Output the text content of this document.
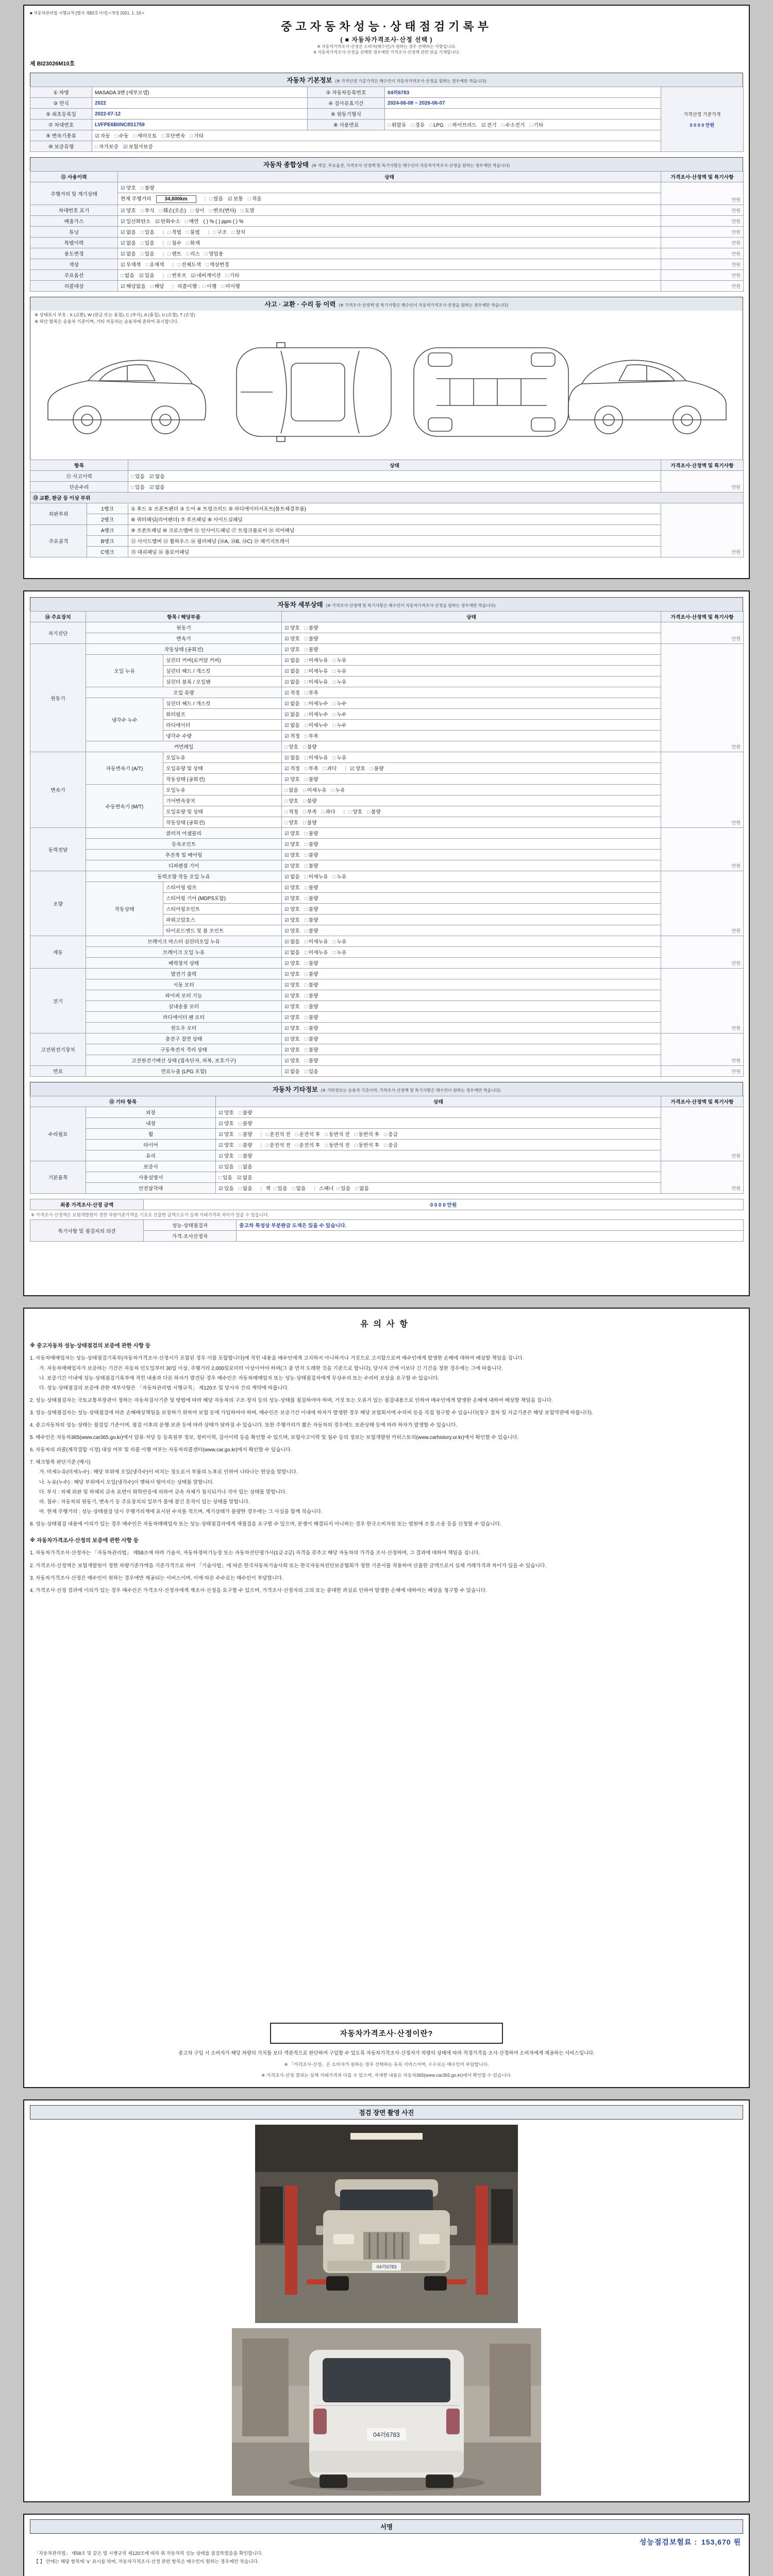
■ 자동차관리법 시행규칙 [별지 제82호서식] <개정 2021. 1. 19.>
중고자동차성능·상태점검기록부
( ■ 자동차가격조사·산정 선택 )
※ 자동차가격조사·산정은 소비자(매수인)가 원하는 경우 선택하는 사항입니다.
※ 자동차가격조사·산정을 선택한 경우에만 가격조사·산정액 관련 란을 기재합니다.
제 BI23026M10호
자동차 기본정보 (※ 가격산정 기준가격은 매수인이 자동차가격조사·산정을 원하는 경우에만 적습니다)
① 차명	MASADA 3밴 (세부모델)	② 자동차등록번호	04러6783	가격산정 기준가격
0 0 0 0 만원

③ 연식	2022	④ 검사유효기간	2024-06-08 ~ 2026-06-07	
⑤ 최초등록일	2022-07-12	⑥ 원동기형식		
⑦ 차대번호	LVFPE6B0NC8S1759	⑧ 사용연료	□ 휘발유 □ 경유 □ LPG □ 하이브리드 ☑ 전기 □ 수소전기 □ 기타	
⑨ 변속기종류	☑ 자동 □ 수동 □ 세미오토 □ 무단변속 □ 기타			
⑩ 보증유형	□ 자가보증 ☑ 보험사보증			
자동차 종합상태 (※ 색상, 주요옵션, 가격조사·산정액 및 특기사항은 매수인이 자동차가격조사·산정을 원하는 경우에만 적습니다)
⑪ 사용이력	상태	가격조사·산정액 및 특기사항
주행거리 및 계기상태	☑ 양호 □ 불량	만원
	현재 주행거리 34,600km | □ 많음 ☑ 보통 □ 적음	
차대번호 표기	☑ 양호 □ 부식 □ 훼손(오손) □ 상이 □ 변조(변타) □ 도말	만원
배출가스	☑ 일산화탄소 ☑ 탄화수소 □ 매연 ( ) % ( ) ppm ( ) %	만원
튜닝	☑ 없음 □ 있음 | □ 적법 □ 불법 | □ 구조 □ 장치	만원
특별이력	☑ 없음 □ 있음 | □ 침수 □ 화재	만원
용도변경	☑ 없음 □ 있음 | □ 렌트 □ 리스 □ 영업용	만원
색상	☑ 무채색 □ 유채색 | □ 전체도색 □ 색상변경	만원
주요옵션	□ 없음 ☑ 있음 | □ 썬루프 ☑ 네비게이션 □ 기타	만원
리콜대상	☑ 해당없음 □ 해당 | 리콜이행 : □ 이행 □ 미이행	만원
사고 · 교환 · 수리 등 이력 (※ 가격조사·산정액 및 특기사항은 매수인이 자동차가격조사·산정을 원하는 경우에만 적습니다)
※ 상태표시 부호 : X (교환), W (판금 또는 용접), C (부식), A (흠집), U (요철), T (손상)
※ 하단 항목은 승용차 기준이며, 기타 자동차는 승용차에 준하여 표시합니다.
항목		상태	가격조사·산정액 및 특기사항
⑫ 사고이력		□ 있음 ☑ 없음	만원
단순수리		□ 있음 ☑ 없음	
⑬ 교환, 판금 등 이상 부위			
외판부위	1랭크	① 후드 ② 프론트펜더 ③ 도어 ④ 트렁크리드 ⑤ 라디에이터서포트(볼트체결부품)	만원
	2랭크	⑥ 쿼터패널(리어펜더) ⑦ 루프패널 ⑧ 사이드실패널	
주요골격	A랭크	⑨ 프론트패널 ⑩ 크로스멤버 ⑪ 인사이드패널 ⑰ 트렁크플로어 ⑱ 리어패널	
	B랭크	⑫ 사이드멤버 ⑬ 휠하우스 ⑭ 필러패널 (⑭A, ⑭B, ⑭C) ⑲ 패키지트레이	
	C랭크	⑮ 대쉬패널 ⑯ 플로어패널	
자동차 세부상태 (※ 가격조사·산정액 및 특기사항은 매수인이 자동차가격조사·산정을 원하는 경우에만 적습니다)
⑭ 주요장치	항목 / 해당부품		상태	가격조사·산정액 및 특기사항
자기진단	원동기		☑ 양호 □ 불량	만원
	변속기		☑ 양호 □ 불량	
원동기	작동상태 (공회전)		☑ 양호 □ 불량	만원
	오일 누유	실린더 커버(로커암 커버)	☑ 없음 □ 미세누유 □ 누유	
		실린더 헤드 / 개스킷	☑ 없음 □ 미세누유 □ 누유	
		실린더 블록 / 오일팬	☑ 없음 □ 미세누유 □ 누유	
	오일 유량		☑ 적정 □ 부족	
	냉각수 누수	실린더 헤드 / 개스킷	☑ 없음 □ 미세누수 □ 누수	
		워터펌프	☑ 없음 □ 미세누수 □ 누수	
		라디에이터	☑ 없음 □ 미세누수 □ 누수	
		냉각수 수량	☑ 적정 □ 부족	
	커먼레일		□ 양호 □ 불량	
변속기	자동변속기 (A/T)	오일누유	☑ 없음 □ 미세누유 □ 누유	만원
		오일유량 및 상태	☑ 적정 □ 부족 □ 과다 | ☑ 양호 □ 불량	
		작동상태 (공회전)	☑ 양호 □ 불량	
	수동변속기 (M/T)	오일누유	□ 없음 □ 미세누유 □ 누유	
		기어변속장치	□ 양호 □ 불량	
		오일유량 및 상태	□ 적정 □ 부족 □ 과다 | □ 양호 □ 불량	
		작동상태 (공회전)	□ 양호 □ 불량	
동력전달	클러치 어셈블리		☑ 양호 □ 불량	만원
	등속조인트		☑ 양호 □ 불량	
	추진축 및 베어링		☑ 양호 □ 불량	
	디퍼렌셜 기어		☑ 양호 □ 불량	
조향	동력조향 작동 오일 누유		☑ 없음 □ 미세누유 □ 누유	만원
	작동상태	스티어링 펌프	☑ 양호 □ 불량	
		스티어링 기어 (MDPS포함)	☑ 양호 □ 불량	
		스티어링조인트	☑ 양호 □ 불량	
		파워고압호스	☑ 양호 □ 불량	
		타이로드엔드 및 볼 조인트	☑ 양호 □ 불량	
제동	브레이크 마스터 실린더오일 누유		☑ 없음 □ 미세누유 □ 누유	만원
	브레이크 오일 누유		☑ 없음 □ 미세누유 □ 누유	
	배력장치 상태		☑ 양호 □ 불량	
전기	발전기 출력		☑ 양호 □ 불량	만원
	시동 모터		☑ 양호 □ 불량	
	와이퍼 모터 기능		☑ 양호 □ 불량	
	실내송풍 모터		☑ 양호 □ 불량	
	라디에이터 팬 모터		☑ 양호 □ 불량	
	윈도우 모터		☑ 양호 □ 불량	
고전원전기장치	충전구 절연 상태		☑ 양호 □ 불량	만원
	구동축전지 격리 상태		☑ 양호 □ 불량	
	고전원전기배선 상태 (접속단자, 피복, 보호기구)		☑ 양호 □ 불량	
연료	연료누출 (LPG 포함)		☑ 없음 □ 있음	만원
자동차 기타정보 (※ 기타정보는 승용차 기준이며, 가격조사·산정액 및 특기사항은 매수인이 원하는 경우에만 적습니다)
⑮ 기타 항목		상태	가격조사·산정액 및 특기사항
수리필요	외장	☑ 양호 □ 불량	만원
	내장	☑ 양호 □ 불량	
	휠	☑ 양호 □ 불량 | □ 운전석 전 □ 운전석 후 □ 동반석 전 □ 동반석 후 □ 응급	
	타이어	☑ 양호 □ 불량 | □ 운전석 전 □ 운전석 후 □ 동반석 전 □ 동반석 후 □ 응급	
	유리	☑ 양호 □ 불량	
기본품목	보증서	☑ 있음 □ 없음	만원
	사용설명서	□ 있음 ☑ 없음	
	안전삼각대	☑ 있음 □ 없음 | 잭 □ 있음 □ 없음 | 스패너 □ 있음 □ 없음	
최종 가격조사·산정 금액	0 0 0 0 만원
※ 가격조사·산정액은 보험개발원이 정한 차량기준가액을 기초로 산출한 금액으로서 실제 거래가격과 차이가 있을 수 있습니다.
특기사항 및 점검자의 의견	성능·상태점검자	중고차 특성상 부분판금 도색은 있을 수 있습니다.
	가격·조사산정자	
유의사항
※ 중고자동차 성능·상태점검의 보증에 관한 사항 등
1. 자동차매매업자는 성능·상태점검기록부(자동차가격조사·산정서가 포함된 경우 이를 포함합니다)에 적힌 내용을 매수인에게 고지하지 아니하거나 거짓으로 고지함으로써 매수인에게 발생한 손해에 대하여 배상할 책임을 집니다.
가. 자동차매매업자가 보증하는 기간은 자동차 인도일부터 30일 이상, 주행거리 2,000킬로미터 이상이어야 하며(그 중 먼저 도래한 것을 기준으로 합니다), 당사자 간에 이보다 긴 기간을 정한 경우에는 그에 따릅니다.
나. 보증기간 이내에 성능·상태점검기록부에 적힌 내용과 다른 하자가 발견된 경우 매수인은 자동차매매업자 또는 성능·상태점검자에게 무상수리 또는 수리비 보상을 요구할 수 있습니다.
다. 성능·상태점검의 보증에 관한 세부사항은 「자동차관리법 시행규칙」 제120조 및 당사자 간의 계약에 따릅니다.
2. 성능·상태점검자는 국토교통부장관이 정하는 자동차검사기준 및 방법에 따라 해당 자동차의 구조·장치 등의 성능·상태를 점검하여야 하며, 거짓 또는 오류가 있는 점검내용으로 인하여 매수인에게 발생한 손해에 대하여 배상할 책임을 집니다.
3. 성능·상태점검자는 성능·상태점검에 따른 손해배상책임을 보장하기 위하여 보험 등에 가입하여야 하며, 매수인은 보증기간 이내에 하자가 발생한 경우 해당 보험회사에 수리비 등을 직접 청구할 수 있습니다(청구 절차 및 지급기준은 해당 보험약관에 따릅니다).
4. 중고자동차의 성능·상태는 점검일 기준이며, 점검 이후의 운행·보관 등에 따라 상태가 달라질 수 있습니다. 또한 주행거리가 짧은 자동차의 경우에도 보관상태 등에 따라 하자가 발생할 수 있습니다.
5. 매수인은 자동차365(www.car365.go.kr)에서 압류·저당 등 등록원부 정보, 정비이력, 검사이력 등을 확인할 수 있으며, 보험사고이력 및 침수 등의 정보는 보험개발원 카히스토리(www.carhistory.or.kr)에서 확인할 수 있습니다.
6. 자동차의 리콜(제작결함 시정) 대상 여부 및 리콜 이행 여부는 자동차리콜센터(www.car.go.kr)에서 확인할 수 있습니다.
7. 체크항목 판단기준 (예시)
가. 미세누유(미세누수) : 해당 부위에 오일(냉각수)이 비치는 정도로서 부품의 노후로 인하여 나타나는 현상을 말합니다.
나. 누유(누수) : 해당 부위에서 오일(냉각수)이 맺혀서 떨어지는 상태를 말합니다.
다. 부식 : 차체 외판 및 하체의 금속 표면이 화학반응에 의하여 금속 자체가 침식되거나 삭아 있는 상태를 말합니다.
라. 침수 : 자동차의 원동기, 변속기 등 주요장치의 일부가 물에 잠긴 흔적이 있는 상태를 말합니다.
마. 현재 주행거리 : 성능·상태점검 당시 주행거리계에 표시된 수치를 적으며, 계기상태가 불량한 경우에는 그 사실을 함께 적습니다.
8. 성능·상태점검 내용에 이의가 있는 경우 매수인은 자동차매매업자 또는 성능·상태점검자에게 재점검을 요구할 수 있으며, 분쟁이 해결되지 아니하는 경우 한국소비자원 또는 법원에 조정·소송 등을 신청할 수 있습니다.
※ 자동차가격조사·산정의 보증에 관한 사항 등
1. 자동차가격조사·산정자는 「자동차관리법」 제58조에 따라 기술사, 자동차정비기능장 또는 자동차진단평가사(1급·2급) 자격을 갖추고 해당 자동차의 가격을 조사·산정하며, 그 결과에 대하여 책임을 집니다.
2. 가격조사·산정액은 보험개발원이 정한 차량기준가액을 기준가격으로 하여 「기술사법」에 따른 한국자동차기술사회 또는 한국자동차진단보증협회가 정한 기준서를 적용하여 산출한 금액으로서 실제 거래가격과 차이가 있을 수 있습니다.
3. 자동차가격조사·산정은 매수인이 원하는 경우에만 제공되는 서비스이며, 이에 따른 수수료는 매수인이 부담합니다.
4. 가격조사·산정 결과에 이의가 있는 경우 매수인은 가격조사·산정자에게 재조사·산정을 요구할 수 있으며, 가격조사·산정자의 고의 또는 중대한 과실로 인하여 발생한 손해에 대하여는 배상을 청구할 수 있습니다.
자동차가격조사·산정이란?
중고차 구입 시 소비자가 해당 차량의 가치를 보다 객관적으로 판단하여 구입할 수 있도록 자동차가격조사·산정자가 차량의 상태에 따라 적정가격을 조사·산정하여 소비자에게 제공하는 서비스입니다.
※ 「가격조사·산정」은 소비자가 원하는 경우 선택하는 유료 서비스이며, 수수료는 매수인이 부담합니다.
※ 가격조사·산정 결과는 실제 거래가격과 다를 수 있으며, 자세한 내용은 자동차365(www.car365.go.kr)에서 확인할 수 있습니다.
점검 장면 촬영 사진
04러6783
04러6783
서명
성능점검보험료 : 153,670 원
「자동차관리법」 제58조 및 같은 법 시행규칙 제120조에 따라 위 자동차의 성능·상태를 점검하였음을 확인합니다.
【 】 안에는 해당 항목에 '∨' 표시를 하며, 자동차가격조사·산정 관련 항목은 매수인이 원하는 경우에만 적습니다.
